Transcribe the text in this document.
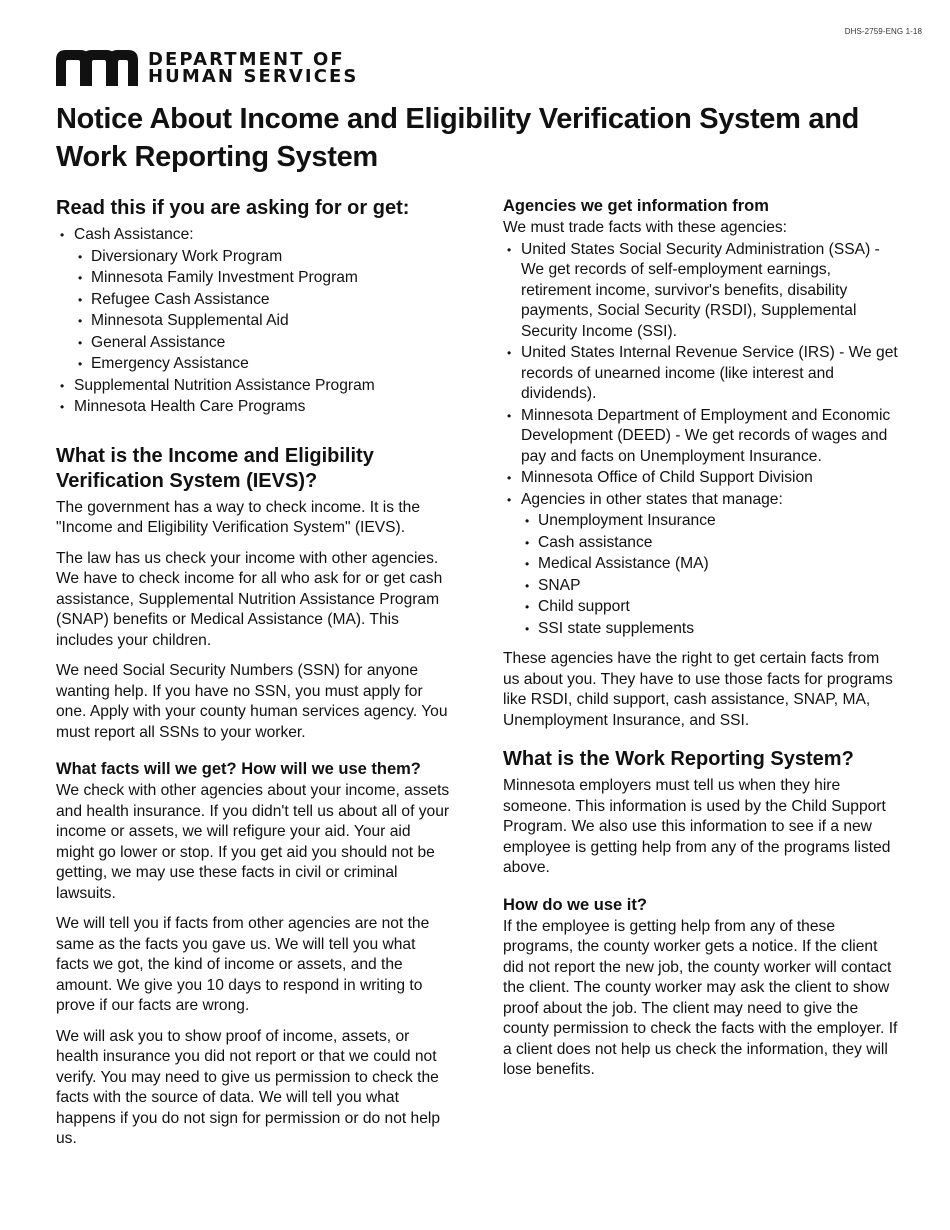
DHS-2759-ENG 1-18
DEPARTMENT OF
HUMAN SERVICES
Notice About Income and Eligibility Verification System and Work Reporting System
Read this if you are asking for or get:
• Cash Assistance:
• Diversionary Work Program
• Minnesota Family Investment Program
• Refugee Cash Assistance
• Minnesota Supplemental Aid
• General Assistance
• Emergency Assistance
• Supplemental Nutrition Assistance Program
• Minnesota Health Care Programs
What is the Income and Eligibility Verification System (IEVS)?

The government has a way to check income. It is the "Income and Eligibility Verification System" (IEVS).

The law has us check your income with other agencies. We have to check income for all who ask for or get cash assistance, Supplemental Nutrition Assistance Program (SNAP) benefits or Medical Assistance (MA). This includes your children.

We need Social Security Numbers (SSN) for anyone wanting help. If you have no SSN, you must apply for one. Apply with your county human services agency. You must report all SSNs to your worker.

What facts will we get? How will we use them?

We check with other agencies about your income, assets and health insurance. If you didn't tell us about all of your income or assets, we will refigure your aid. Your aid might go lower or stop. If you get aid you should not be getting, we may use these facts in civil or criminal lawsuits.

We will tell you if facts from other agencies are not the same as the facts you gave us. We will tell you what facts we got, the kind of income or assets, and the amount. We give you 10 days to respond in writing to prove if our facts are wrong.

We will ask you to show proof of income, assets, or health insurance you did not report or that we could not verify. You may need to give us permission to check the facts with the source of data. We will tell you what happens if you do not sign for permission or do not help us.

Agencies we get information from

We must trade facts with these agencies:

• United States Social Security Administration (SSA) - We get records of self-employment earnings, retirement income, survivor's benefits, disability payments, Social Security (RSDI), Supplemental Security Income (SSI).
• United States Internal Revenue Service (IRS) - We get records of unearned income (like interest and dividends).
• Minnesota Department of Employment and Economic Development (DEED) - We get records of wages and pay and facts on Unemployment Insurance.
• Minnesota Office of Child Support Division
• Agencies in other states that manage:
• Unemployment Insurance
• Cash assistance
• Medical Assistance (MA)
• SNAP
• Child support
• SSI state supplements

These agencies have the right to get certain facts from us about you. They have to use those facts for programs like RSDI, child support, cash assistance, SNAP, MA, Unemployment Insurance, and SSI.

What is the Work Reporting System?

Minnesota employers must tell us when they hire someone. This information is used by the Child Support Program. We also use this information to see if a new employee is getting help from any of the programs listed above.

How do we use it?

If the employee is getting help from any of these programs, the county worker gets a notice. If the client did not report the new job, the county worker will contact the client. The county worker may ask the client to show proof about the job. The client may need to give the county permission to check the facts with the employer. If a client does not help us check the information, they will lose benefits.
